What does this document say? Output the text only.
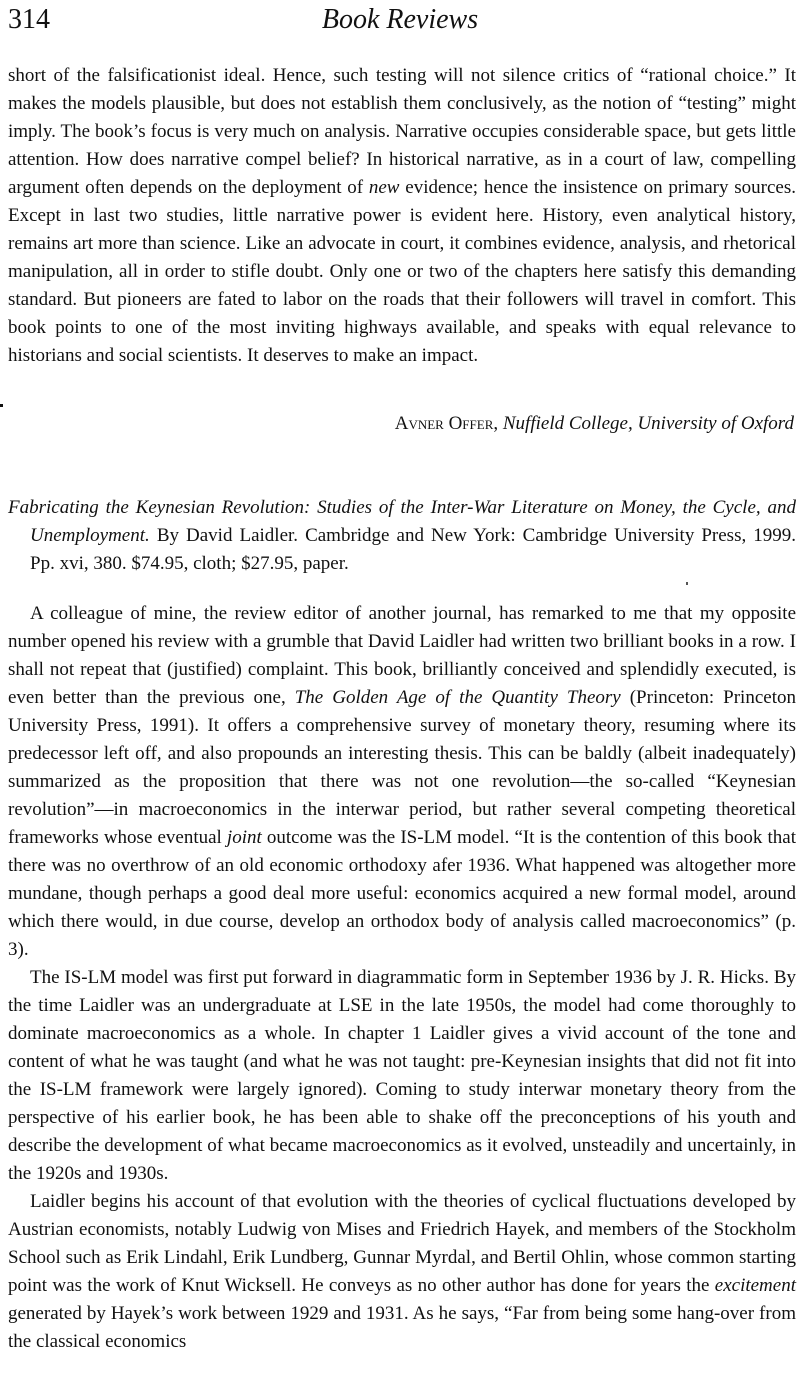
314	Book Reviews
short of the falsificationist ideal. Hence, such testing will not silence critics of “rational choice.” It makes the models plausible, but does not establish them conclusively, as the notion of “testing” might imply. The book’s focus is very much on analysis. Narrative occupies considerable space, but gets little attention. How does narrative compel belief? In historical narrative, as in a court of law, compelling argument often depends on the deployment of new evidence; hence the insistence on primary sources. Except in last two studies, little narrative power is evident here. History, even analytical history, remains art more than science. Like an advocate in court, it combines evidence, analysis, and rhetorical manipulation, all in order to stifle doubt. Only one or two of the chapters here satisfy this demanding standard. But pioneers are fated to labor on the roads that their followers will travel in comfort. This book points to one of the most inviting highways available, and speaks with equal relevance to historians and social scientists. It deserves to make an impact.
Avner Offer, Nuffield College, University of Oxford
Fabricating the Keynesian Revolution: Studies of the Inter-War Literature on Money, the Cycle, and Unemployment. By David Laidler. Cambridge and New York: Cambridge University Press, 1999. Pp. xvi, 380. $74.95, cloth; $27.95, paper.

A colleague of mine, the review editor of another journal, has remarked to me that my opposite number opened his review with a grumble that David Laidler had written two brilliant books in a row. I shall not repeat that (justified) complaint. This book, brilliantly conceived and splendidly executed, is even better than the previous one, The Golden Age of the Quantity Theory (Princeton: Princeton University Press, 1991). It offers a comprehensive survey of monetary theory, resuming where its predecessor left off, and also propounds an interesting thesis. This can be baldly (albeit inadequately) summarized as the proposition that there was not one revolution—the so-called “Keynesian revolution”—in macroeconomics in the interwar period, but rather several competing theoretical frameworks whose eventual joint outcome was the IS-LM model. “It is the contention of this book that there was no overthrow of an old economic orthodoxy afer 1936. What happened was altogether more mundane, though perhaps a good deal more useful: economics acquired a new formal model, around which there would, in due course, develop an orthodox body of analysis called macroeconomics” (p. 3).

The IS-LM model was first put forward in diagrammatic form in September 1936 by J. R. Hicks. By the time Laidler was an undergraduate at LSE in the late 1950s, the model had come thoroughly to dominate macroeconomics as a whole. In chapter 1 Laidler gives a vivid account of the tone and content of what he was taught (and what he was not taught: pre-Keynesian insights that did not fit into the IS-LM framework were largely ignored). Coming to study interwar monetary theory from the perspective of his earlier book, he has been able to shake off the preconceptions of his youth and describe the development of what became macroeconomics as it evolved, unsteadily and uncertainly, in the 1920s and 1930s.

Laidler begins his account of that evolution with the theories of cyclical fluctuations developed by Austrian economists, notably Ludwig von Mises and Friedrich Hayek, and members of the Stockholm School such as Erik Lindahl, Erik Lundberg, Gunnar Myrdal, and Bertil Ohlin, whose common starting point was the work of Knut Wicksell. He conveys as no other author has done for years the excitement generated by Hayek’s work between 1929 and 1931. As he says, “Far from being some hang-over from the classical economics
